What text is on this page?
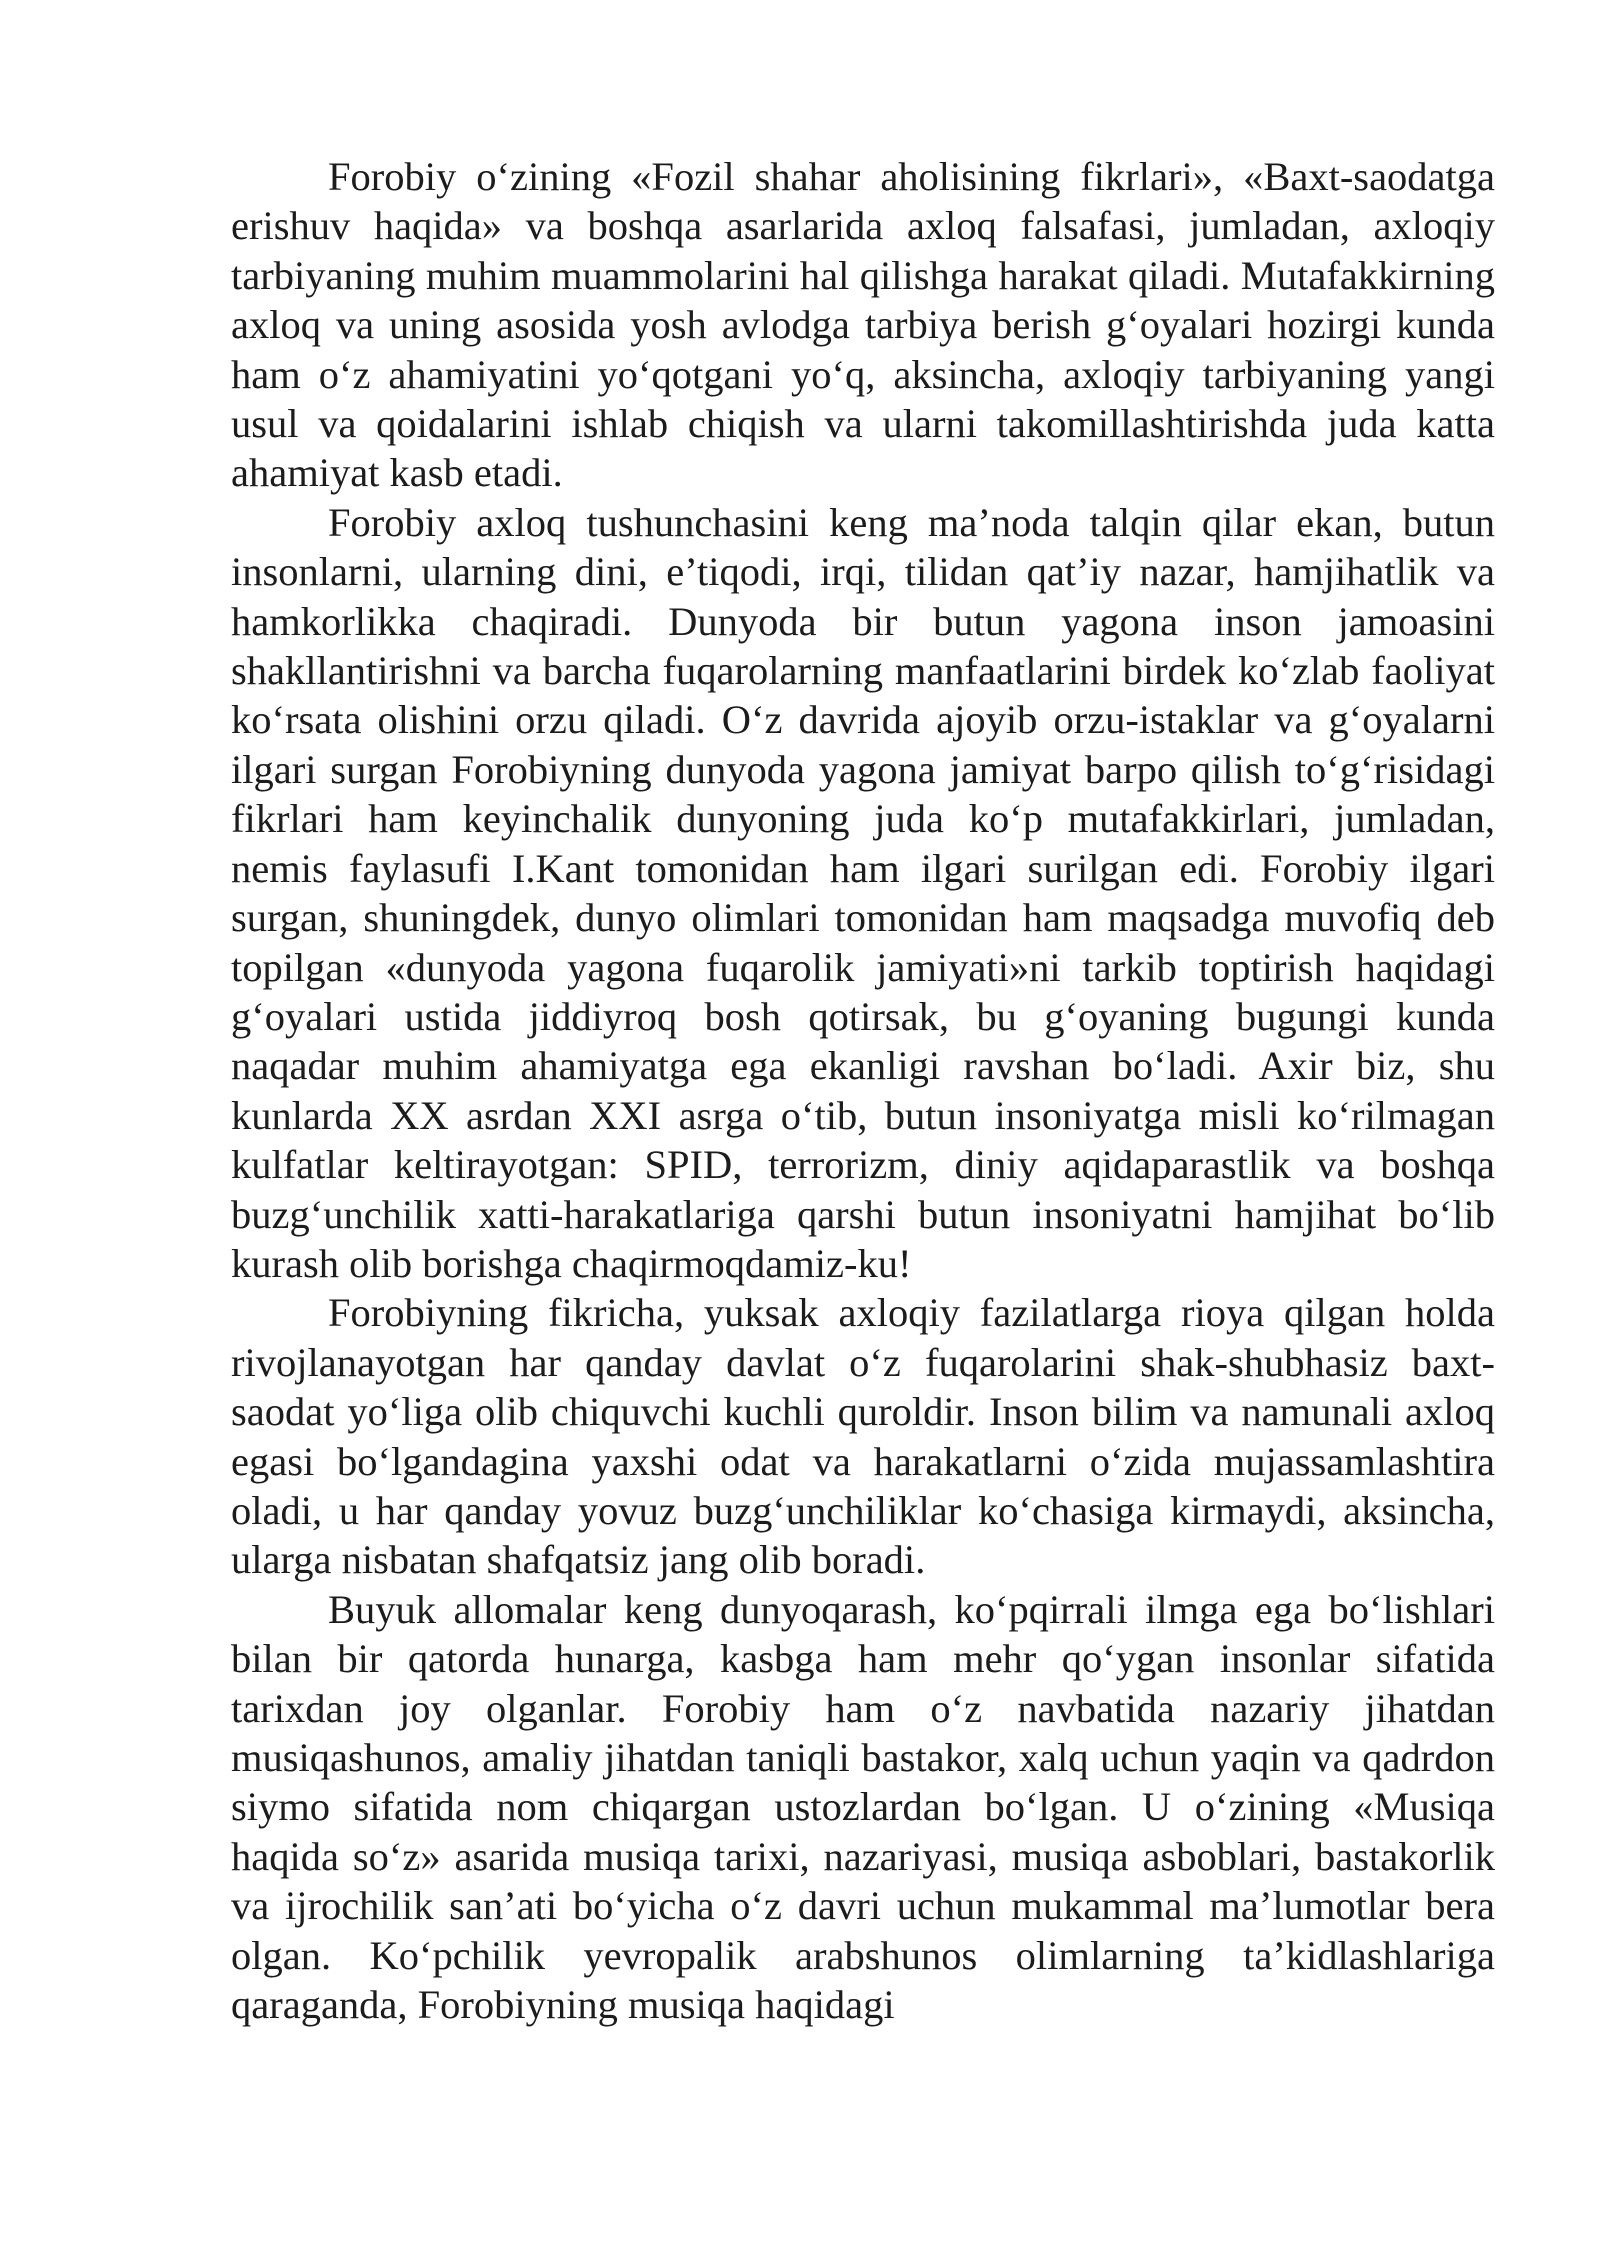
Forobiy o‘zining «Fozil shahar aholisining fikrlari», «Baxt-saodatga erishuv haqida» va boshqa asarlarida axloq falsafasi, jumladan, axloqiy tarbiyaning muhim muammolarini hal qilishga harakat qiladi. Mutafakkirning axloq va uning asosida yosh avlodga tarbiya berish g‘oyalari hozirgi kunda ham o‘z ahamiyatini yo‘qotgani yo‘q, aksincha, axloqiy tarbiyaning yangi usul va qoidalarini ishlab chiqish va ularni takomillashtirishda juda katta ahamiyat kasb etadi.

Forobiy axloq tushunchasini keng ma’noda talqin qilar ekan, butun insonlarni, ularning dini, e’tiqodi, irqi, tilidan qat’iy nazar, hamjihatlik va hamkorlikka chaqiradi. Dunyoda bir butun yagona inson jamoasini shakllantirishni va barcha fuqarolarning manfaatlarini birdek ko‘zlab faoliyat ko‘rsata olishini orzu qiladi. O‘z davrida ajoyib orzu-istaklar va g‘oyalarni ilgari surgan Forobiyning dunyoda yagona jamiyat barpo qilish to‘g‘risidagi fikrlari ham keyinchalik dunyoning juda ko‘p mutafakkirlari, jumladan, nemis faylasufi I.Kant tomonidan ham ilgari surilgan edi. Forobiy ilgari surgan, shuningdek, dunyo olimlari tomonidan ham maqsadga muvofiq deb topilgan «dunyoda yagona fuqarolik jamiyati»ni tarkib toptirish haqidagi g‘oyalari ustida jiddiyroq bosh qotirsak, bu g‘oyaning bugungi kunda naqadar muhim ahamiyatga ega ekanligi ravshan bo‘ladi. Axir biz, shu kunlarda XX asrdan XXI asrga o‘tib, butun insoniyatga misli ko‘rilmagan kulfatlar keltirayotgan: SPID, terrorizm, diniy aqidaparastlik va boshqa buzg‘unchilik xatti-harakatlariga qarshi butun insoniyatni hamjihat bo‘lib kurash olib borishga chaqirmoqdamiz-ku!

Forobiyning fikricha, yuksak axloqiy fazilatlarga rioya qilgan holda rivojlanayotgan har qanday davlat o‘z fuqarolarini shak-shubhasiz baxt-saodat yo‘liga olib chiquvchi kuchli quroldir. Inson bilim va namunali axloq egasi bo‘lgandagina yaxshi odat va harakatlarni o‘zida mujassamlashtira oladi, u har qanday yovuz buzg‘unchiliklar ko‘chasiga kirmaydi, aksincha, ularga nisbatan shafqatsiz jang olib boradi.

Buyuk allomalar keng dunyoqarash, ko‘pqirrali ilmga ega bo‘lishlari bilan bir qatorda hunarga, kasbga ham mehr qo‘ygan insonlar sifatida tarixdan joy olganlar. Forobiy ham o‘z navbatida nazariy jihatdan musiqashunos, amaliy jihatdan taniqli bastakor, xalq uchun yaqin va qadrdon siymo sifatida nom chiqargan ustozlardan bo‘lgan. U o‘zining «Musiqa haqida so‘z» asarida musiqa tarixi, nazariyasi, musiqa asboblari, bastakorlik va ijrochilik san’ati bo‘yicha o‘z davri uchun mukammal ma’lumotlar bera olgan. Ko‘pchilik yevropalik arabshunos olimlarning ta’kidlashlariga qaraganda, Forobiyning musiqa haqidagi
